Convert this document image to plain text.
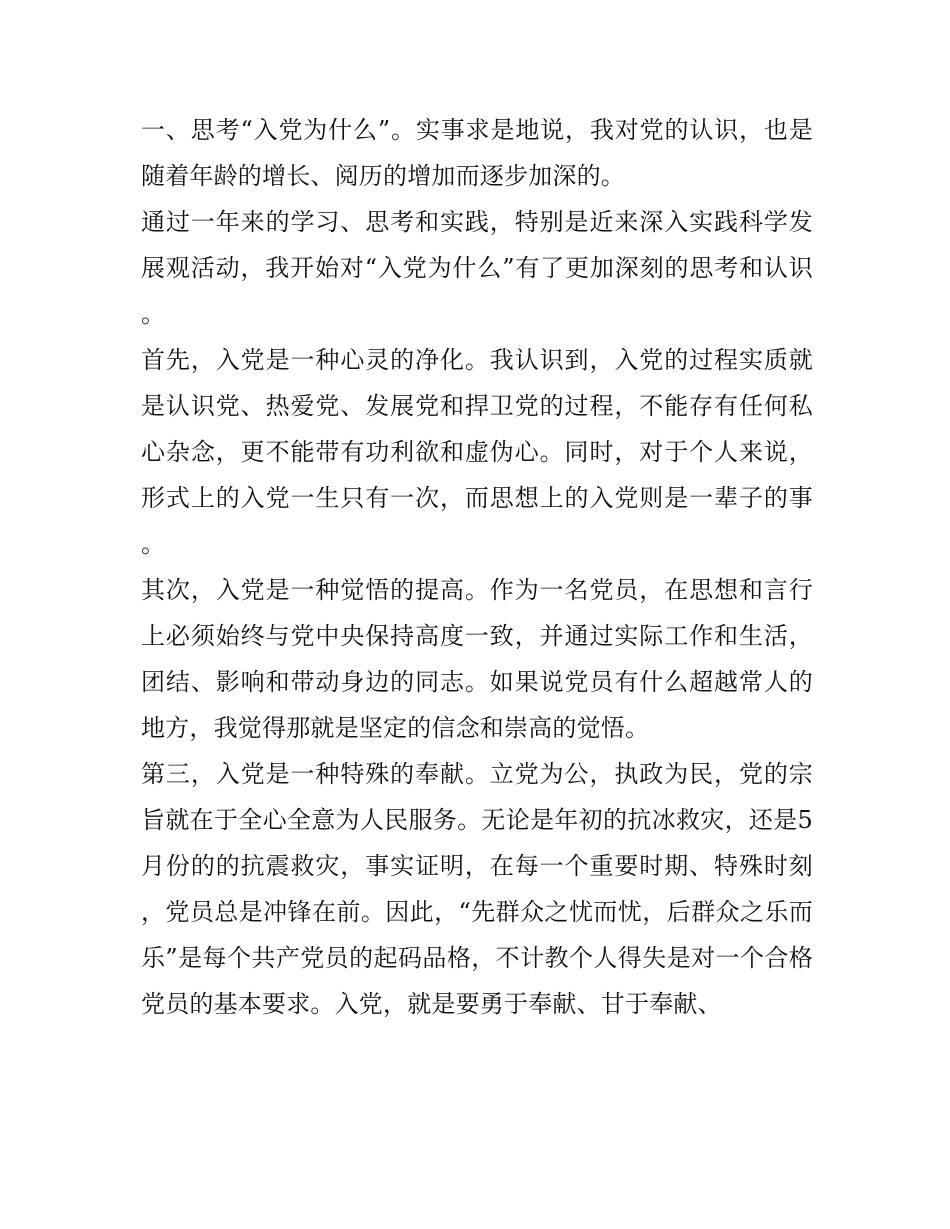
一、思考“入党为什么”。实事求是地说，我对党的认识，也是随着年龄的增长、阅历的增加而逐步加深的。

通过一年来的学习、思考和实践，特别是近来深入实践科学发展观活动，我开始对“入党为什么”有了更加深刻的思考和认识。

首先，入党是一种心灵的净化。我认识到，入党的过程实质就是认识党、热爱党、发展党和捍卫党的过程，不能存有任何私心杂念，更不能带有功利欲和虚伪心。同时，对于个人来说，形式上的入党一生只有一次，而思想上的入党则是一辈子的事。

其次，入党是一种觉悟的提高。作为一名党员，在思想和言行上必须始终与党中央保持高度一致，并通过实际工作和生活，团结、影响和带动身边的同志。如果说党员有什么超越常人的地方，我觉得那就是坚定的信念和崇高的觉悟。

第三，入党是一种特殊的奉献。立党为公，执政为民，党的宗旨就在于全心全意为人民服务。无论是年初的抗冰救灾，还是5月份的的抗震救灾，事实证明，在每一个重要时期、特殊时刻，党员总是冲锋在前。因此，“先群众之忧而忧，后群众之乐而乐”是每个共产党员的起码品格，不计教个人得失是对一个合格党员的基本要求。入党，就是要勇于奉献、甘于奉献、
